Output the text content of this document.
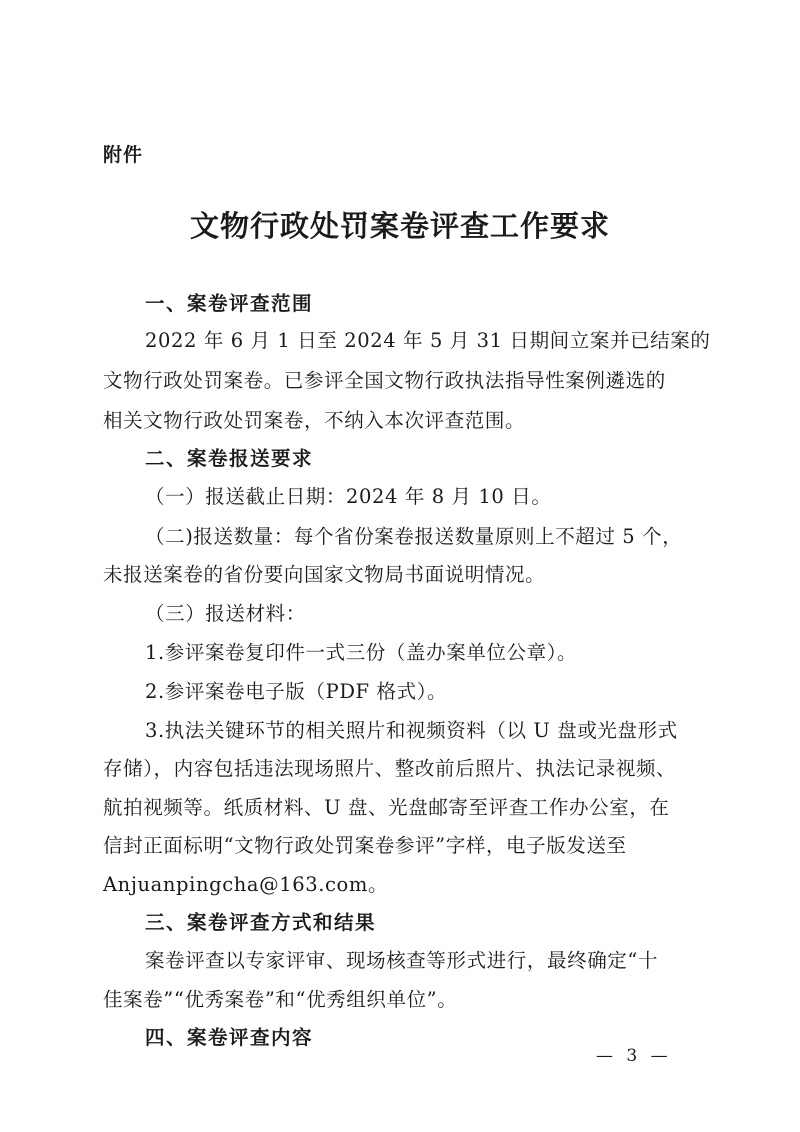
附件
文物行政处罚案卷评查工作要求
一、案卷评查范围
2022 年 6 月 1 日至 2024 年 5 月 31 日期间立案并已结案的
文物行政处罚案卷。已参评全国文物行政执法指导性案例遴选的
相关文物行政处罚案卷，不纳入本次评查范围。
二、案卷报送要求
（一）报送截止日期：2024 年 8 月 10 日。
（二)报送数量：每个省份案卷报送数量原则上不超过 5 个，
未报送案卷的省份要向国家文物局书面说明情况。
（三）报送材料：
1.参评案卷复印件一式三份（盖办案单位公章）。
2.参评案卷电子版（PDF 格式）。
3.执法关键环节的相关照片和视频资料（以 U 盘或光盘形式
存储），内容包括违法现场照片、整改前后照片、执法记录视频、
航拍视频等。纸质材料、U 盘、光盘邮寄至评查工作办公室，在
信封正面标明“文物行政处罚案卷参评”字样，电子版发送至
Anjuanpingcha@163.com。
三、案卷评查方式和结果
案卷评查以专家评审、现场核查等形式进行，最终确定“十
佳案卷”“优秀案卷”和“优秀组织单位”。
四、案卷评查内容
— 3 —
